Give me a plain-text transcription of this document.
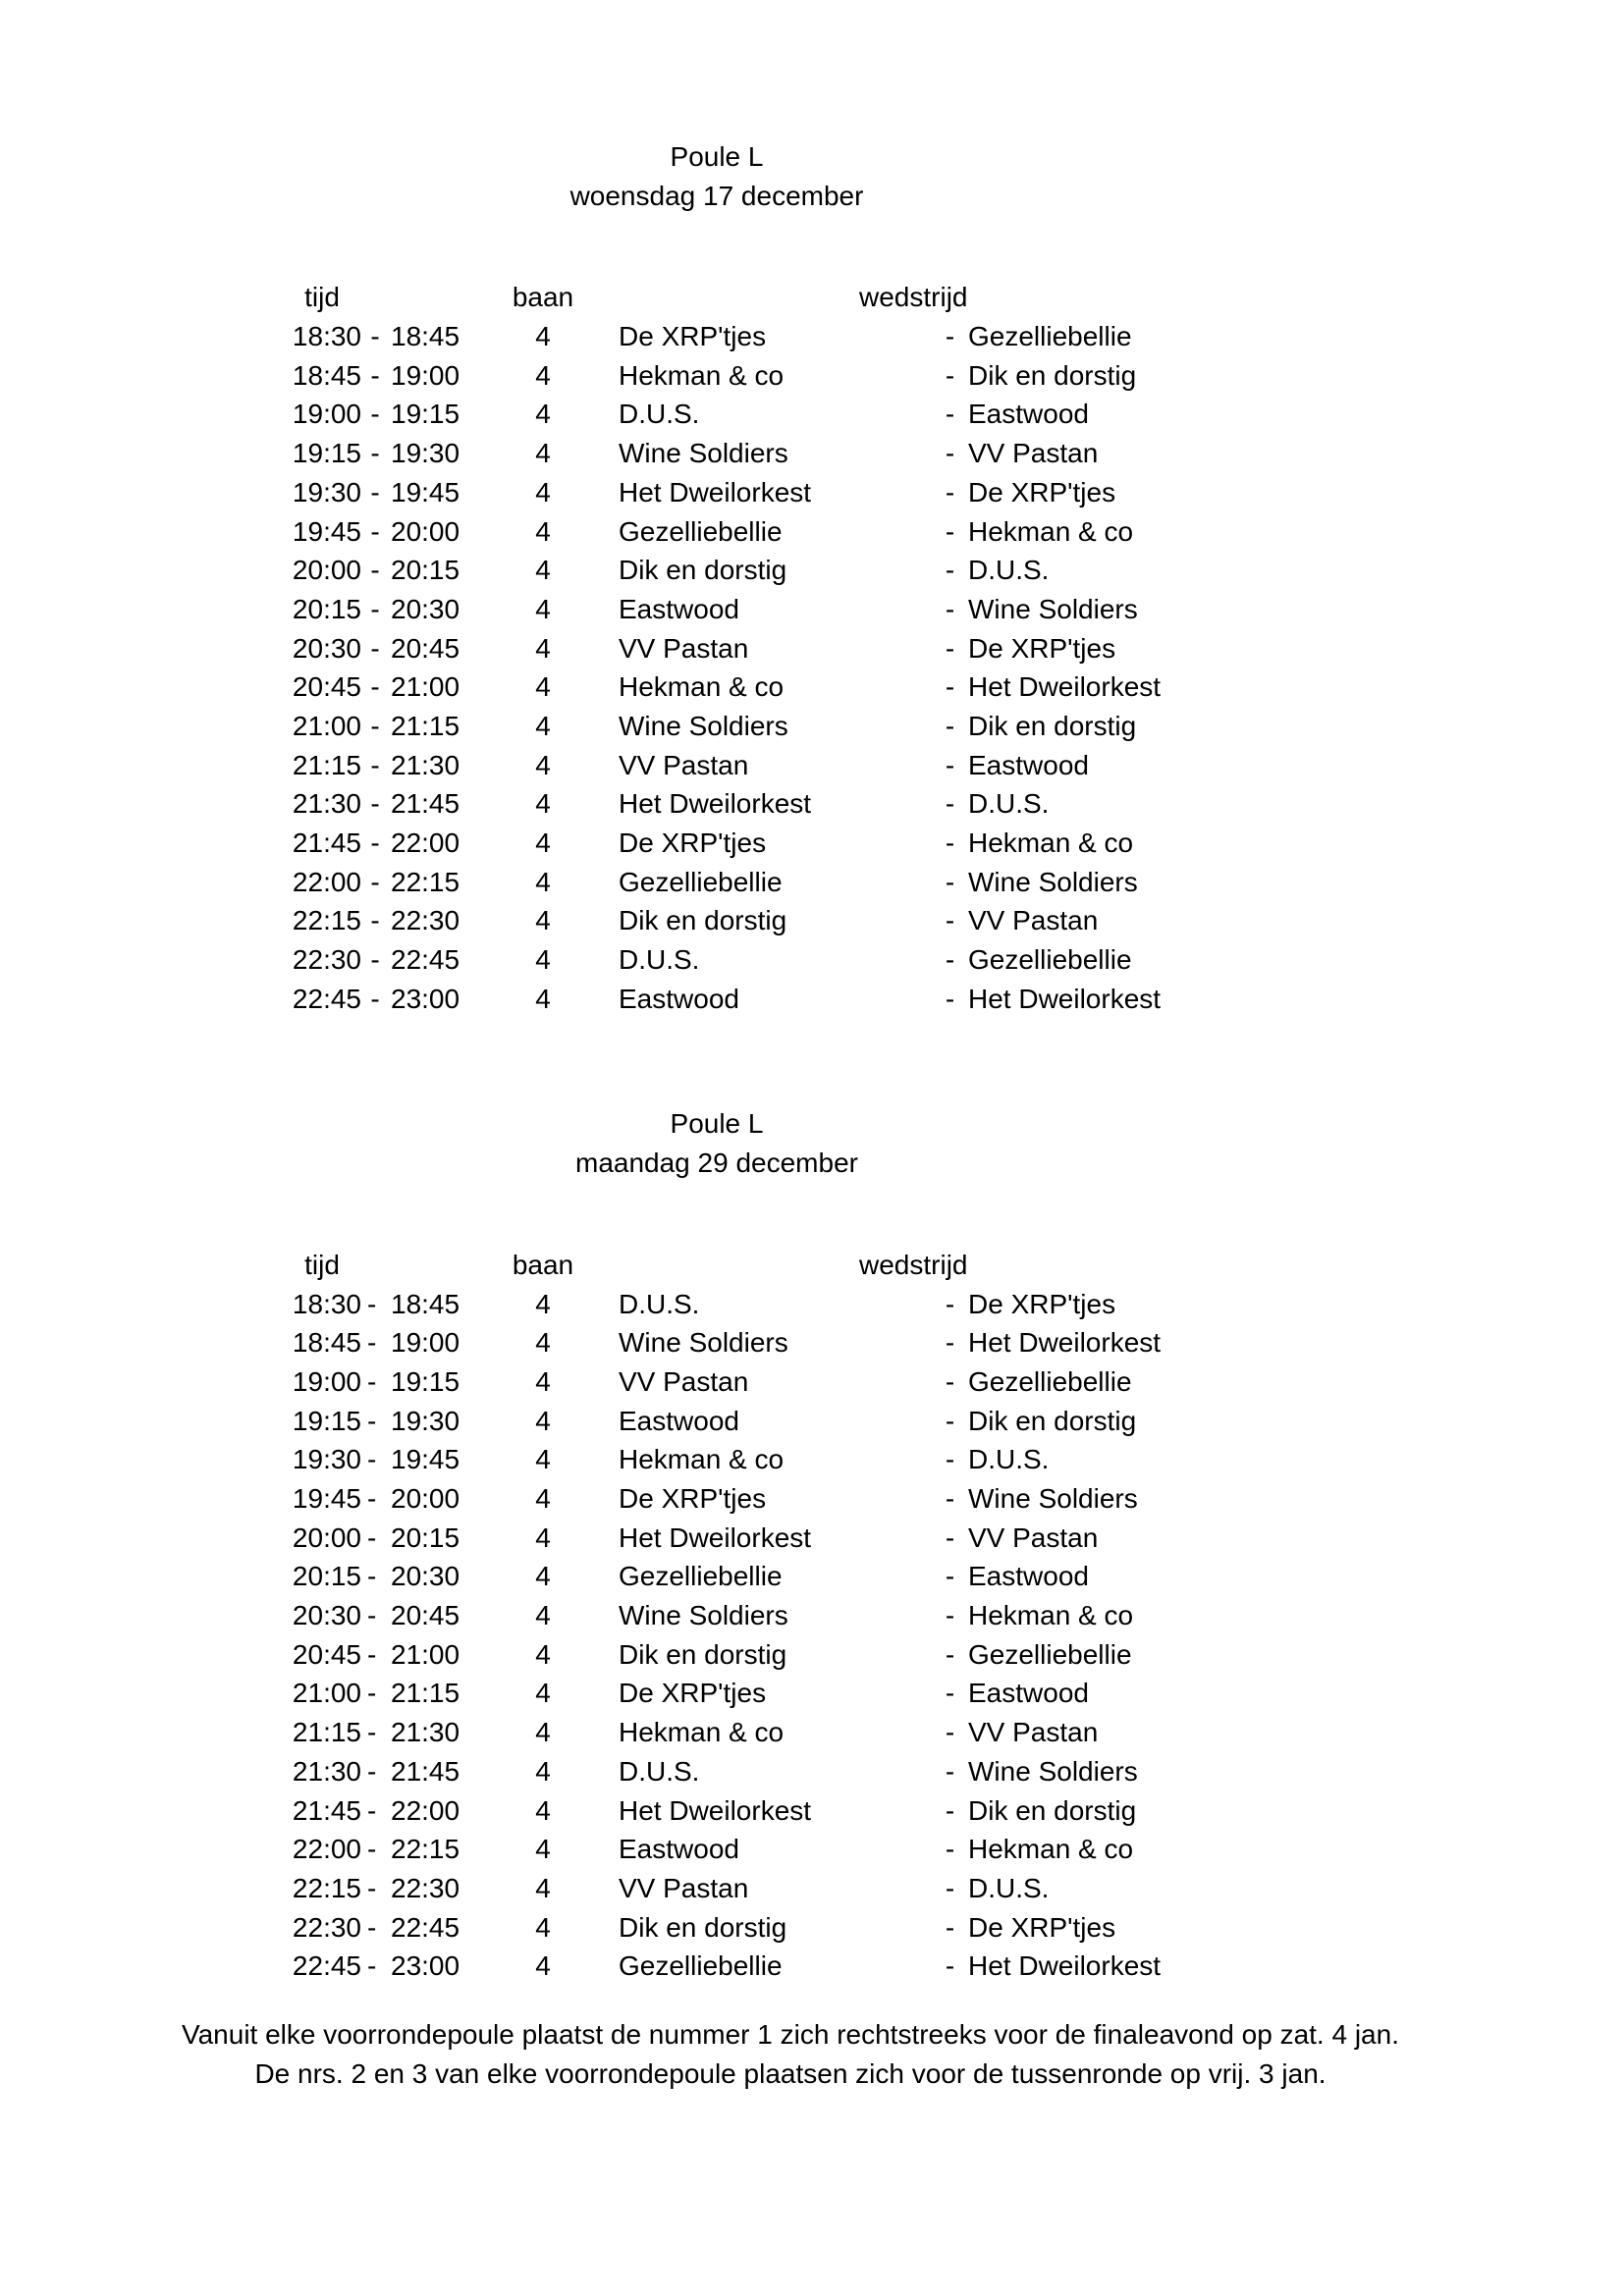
Poule L
woensdag 17 december
tijd	baan	wedstrijd
18:30 - 18:45	4	De XRP'tjes	- Gezelliebellie
18:45 - 19:00	4	Hekman & co	- Dik en dorstig
19:00 - 19:15	4	D.U.S.	- Eastwood
19:15 - 19:30	4	Wine Soldiers	- VV Pastan
19:30 - 19:45	4	Het Dweilorkest	- De XRP'tjes
19:45 - 20:00	4	Gezelliebellie	- Hekman & co
20:00 - 20:15	4	Dik en dorstig	- D.U.S.
20:15 - 20:30	4	Eastwood	- Wine Soldiers
20:30 - 20:45	4	VV Pastan	- De XRP'tjes
20:45 - 21:00	4	Hekman & co	- Het Dweilorkest
21:00 - 21:15	4	Wine Soldiers	- Dik en dorstig
21:15 - 21:30	4	VV Pastan	- Eastwood
21:30 - 21:45	4	Het Dweilorkest	- D.U.S.
21:45 - 22:00	4	De XRP'tjes	- Hekman & co
22:00 - 22:15	4	Gezelliebellie	- Wine Soldiers
22:15 - 22:30	4	Dik en dorstig	- VV Pastan
22:30 - 22:45	4	D.U.S.	- Gezelliebellie
22:45 - 23:00	4	Eastwood	- Het Dweilorkest
Poule L
maandag 29 december
tijd	baan	wedstrijd
18:30 - 18:45	4	D.U.S.	- De XRP'tjes
18:45 - 19:00	4	Wine Soldiers	- Het Dweilorkest
19:00 - 19:15	4	VV Pastan	- Gezelliebellie
19:15 - 19:30	4	Eastwood	- Dik en dorstig
19:30 - 19:45	4	Hekman & co	- D.U.S.
19:45 - 20:00	4	De XRP'tjes	- Wine Soldiers
20:00 - 20:15	4	Het Dweilorkest	- VV Pastan
20:15 - 20:30	4	Gezelliebellie	- Eastwood
20:30 - 20:45	4	Wine Soldiers	- Hekman & co
20:45 - 21:00	4	Dik en dorstig	- Gezelliebellie
21:00 - 21:15	4	De XRP'tjes	- Eastwood
21:15 - 21:30	4	Hekman & co	- VV Pastan
21:30 - 21:45	4	D.U.S.	- Wine Soldiers
21:45 - 22:00	4	Het Dweilorkest	- Dik en dorstig
22:00 - 22:15	4	Eastwood	- Hekman & co
22:15 - 22:30	4	VV Pastan	- D.U.S.
22:30 - 22:45	4	Dik en dorstig	- De XRP'tjes
22:45 - 23:00	4	Gezelliebellie	- Het Dweilorkest
Vanuit elke voorrondepoule plaatst de nummer 1 zich rechtstreeks voor de finaleavond op zat. 4 jan.
De nrs. 2 en 3 van elke voorrondepoule plaatsen zich voor de tussenronde op vrij. 3 jan.
